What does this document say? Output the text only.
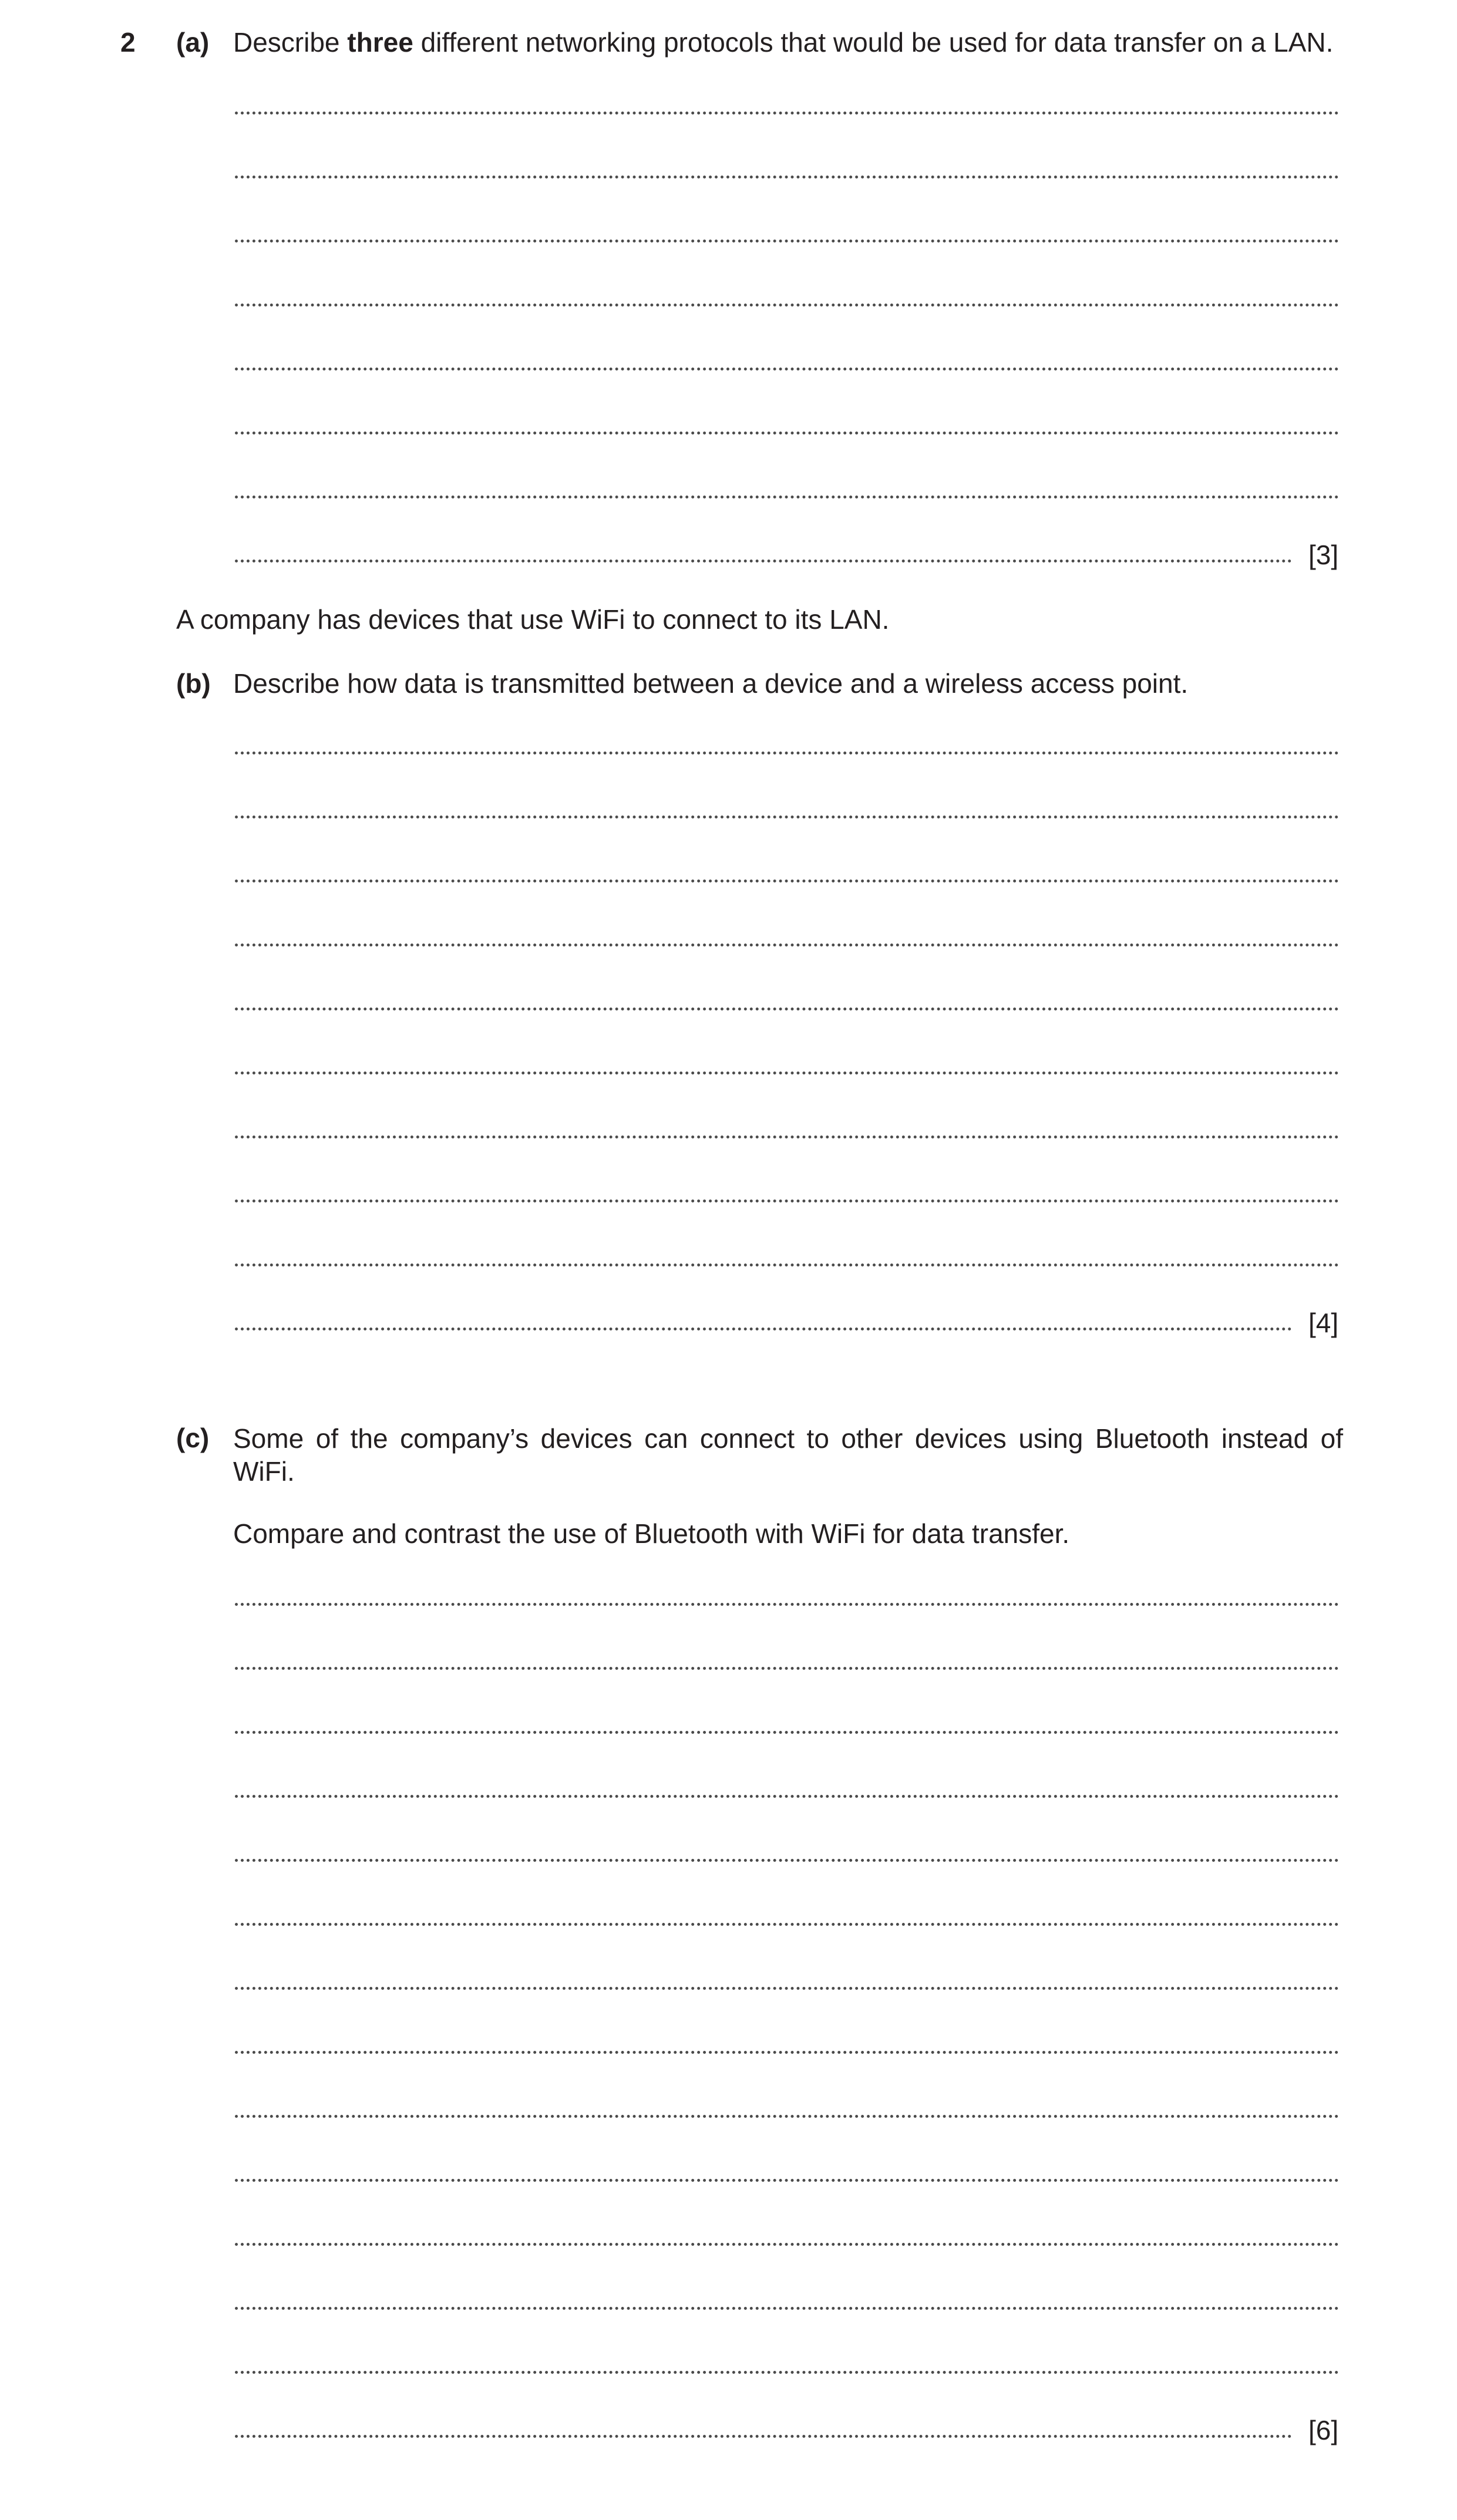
2 (a) Describe three different networking protocols that would be used for data transfer on a LAN.
[3]
A company has devices that use WiFi to connect to its LAN.
(b) Describe how data is transmitted between a device and a wireless access point.
[4]
(c) Some of the company’s devices can connect to other devices using Bluetooth instead of WiFi.
Compare and contrast the use of Bluetooth with WiFi for data transfer.
[6]
